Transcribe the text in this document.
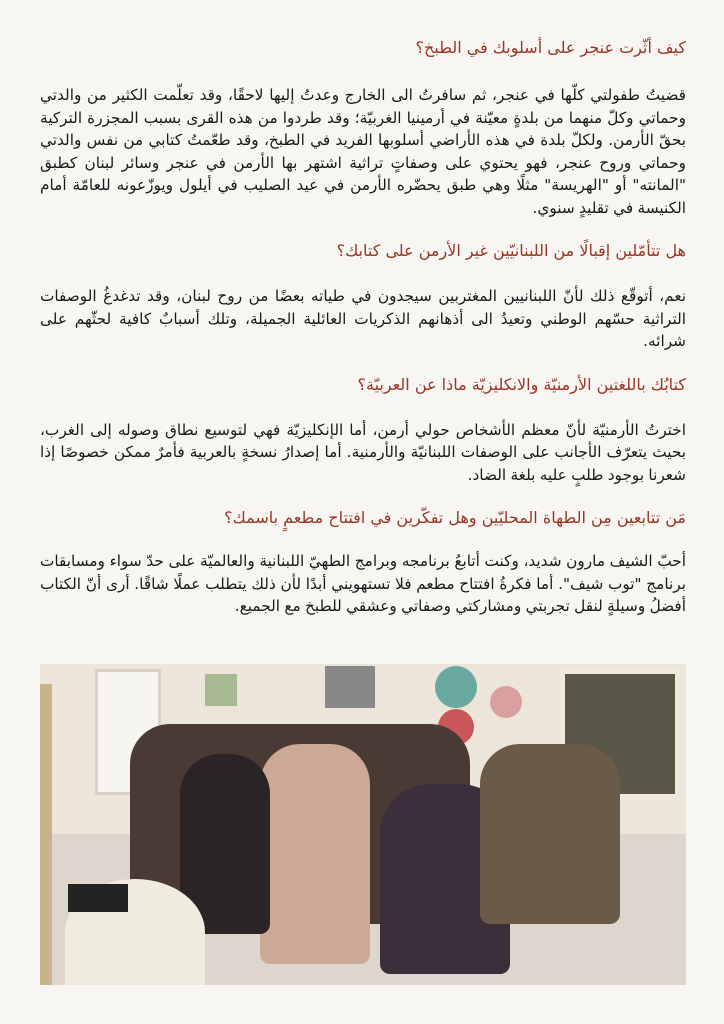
كيف أثّرت عنجر على أسلوبك في الطبخ؟

قضيتُ طفولتي كلّها في عنجر، ثم سافرتُ الى الخارج وعدتُ إليها لاحقًا، وقد تعلّمت الكثير من والدتي وحماتي وكلّ منهما من بلدةٍ معيّنة في أرمينيا الغربيّة؛ وقد طردوا من هذه القرى بسبب المجزرة التركية بحقّ الأرمن. ولكلّ بلدة في هذه الأراضي أسلوبها الفريد في الطبخ، وقد طعّمتُ كتابي من نفس والدتي وحماتي وروح عنجر، فهو يحتوي على وصفاتٍ تراثية اشتهر بها الأرمن في عنجر وسائر لبنان كطبق "المانته" أو "الهريسة" مثلًا وهي طبق يحضّره الأرمن في عيد الصليب في أيلول ويوزّعونه للعامّة أمام الكنيسة في تقليدٍ سنوي.

هل تتأمّلين إقبالًا من اللبنانيّين غير الأرمن على كتابك؟

نعم، أتوقّع ذلك لأنّ اللبنانيين المغتربين سيجدون في طياته بعضًا من روح لبنان، وقد تدغدغُ الوصفات التراثية حسّهم الوطني وتعيدُ الى أذهانهم الذكريات العائلية الجميلة، وتلك أسبابٌ كافية لحثّهم على شرائه.

كتابُك باللغتين الأرمنيّة والانكليزيّة ماذا عن العربيّة؟

اخترتُ الأرمنيّة لأنّ معظم الأشخاص حولي أرمن، أما الإنكليزيّة فهي لتوسيع نطاق وصوله إلى الغرب، بحيث يتعرّف الأجانب على الوصفات اللبنانيّة والأرمنية. أما إصدارُ نسخةٍ بالعربية فأمرٌ ممكن خصوصًا إذا شعرنا بوجود طلبٍ عليه بلغة الضاد.

مَن تتابعين مِن الطهاة المحليّين وهل تفكّرين في افتتاح مطعمٍ باسمك؟

أحبّ الشيف مارون شديد، وكنت أتابعُ برنامجه وبرامج الطهيّ اللبنانية والعالميّة على حدّ سواء ومسابقات برنامج "توب شيف". أما فكرةُ افتتاح مطعم فلا تستهويني أبدًا لأن ذلك يتطلب عملًا شاقًا. أرى أنّ الكتاب أفضلُ وسيلةٍ لنقل تجربتي ومشاركتي وصفاتي وعشقي للطبخ مع الجميع.
